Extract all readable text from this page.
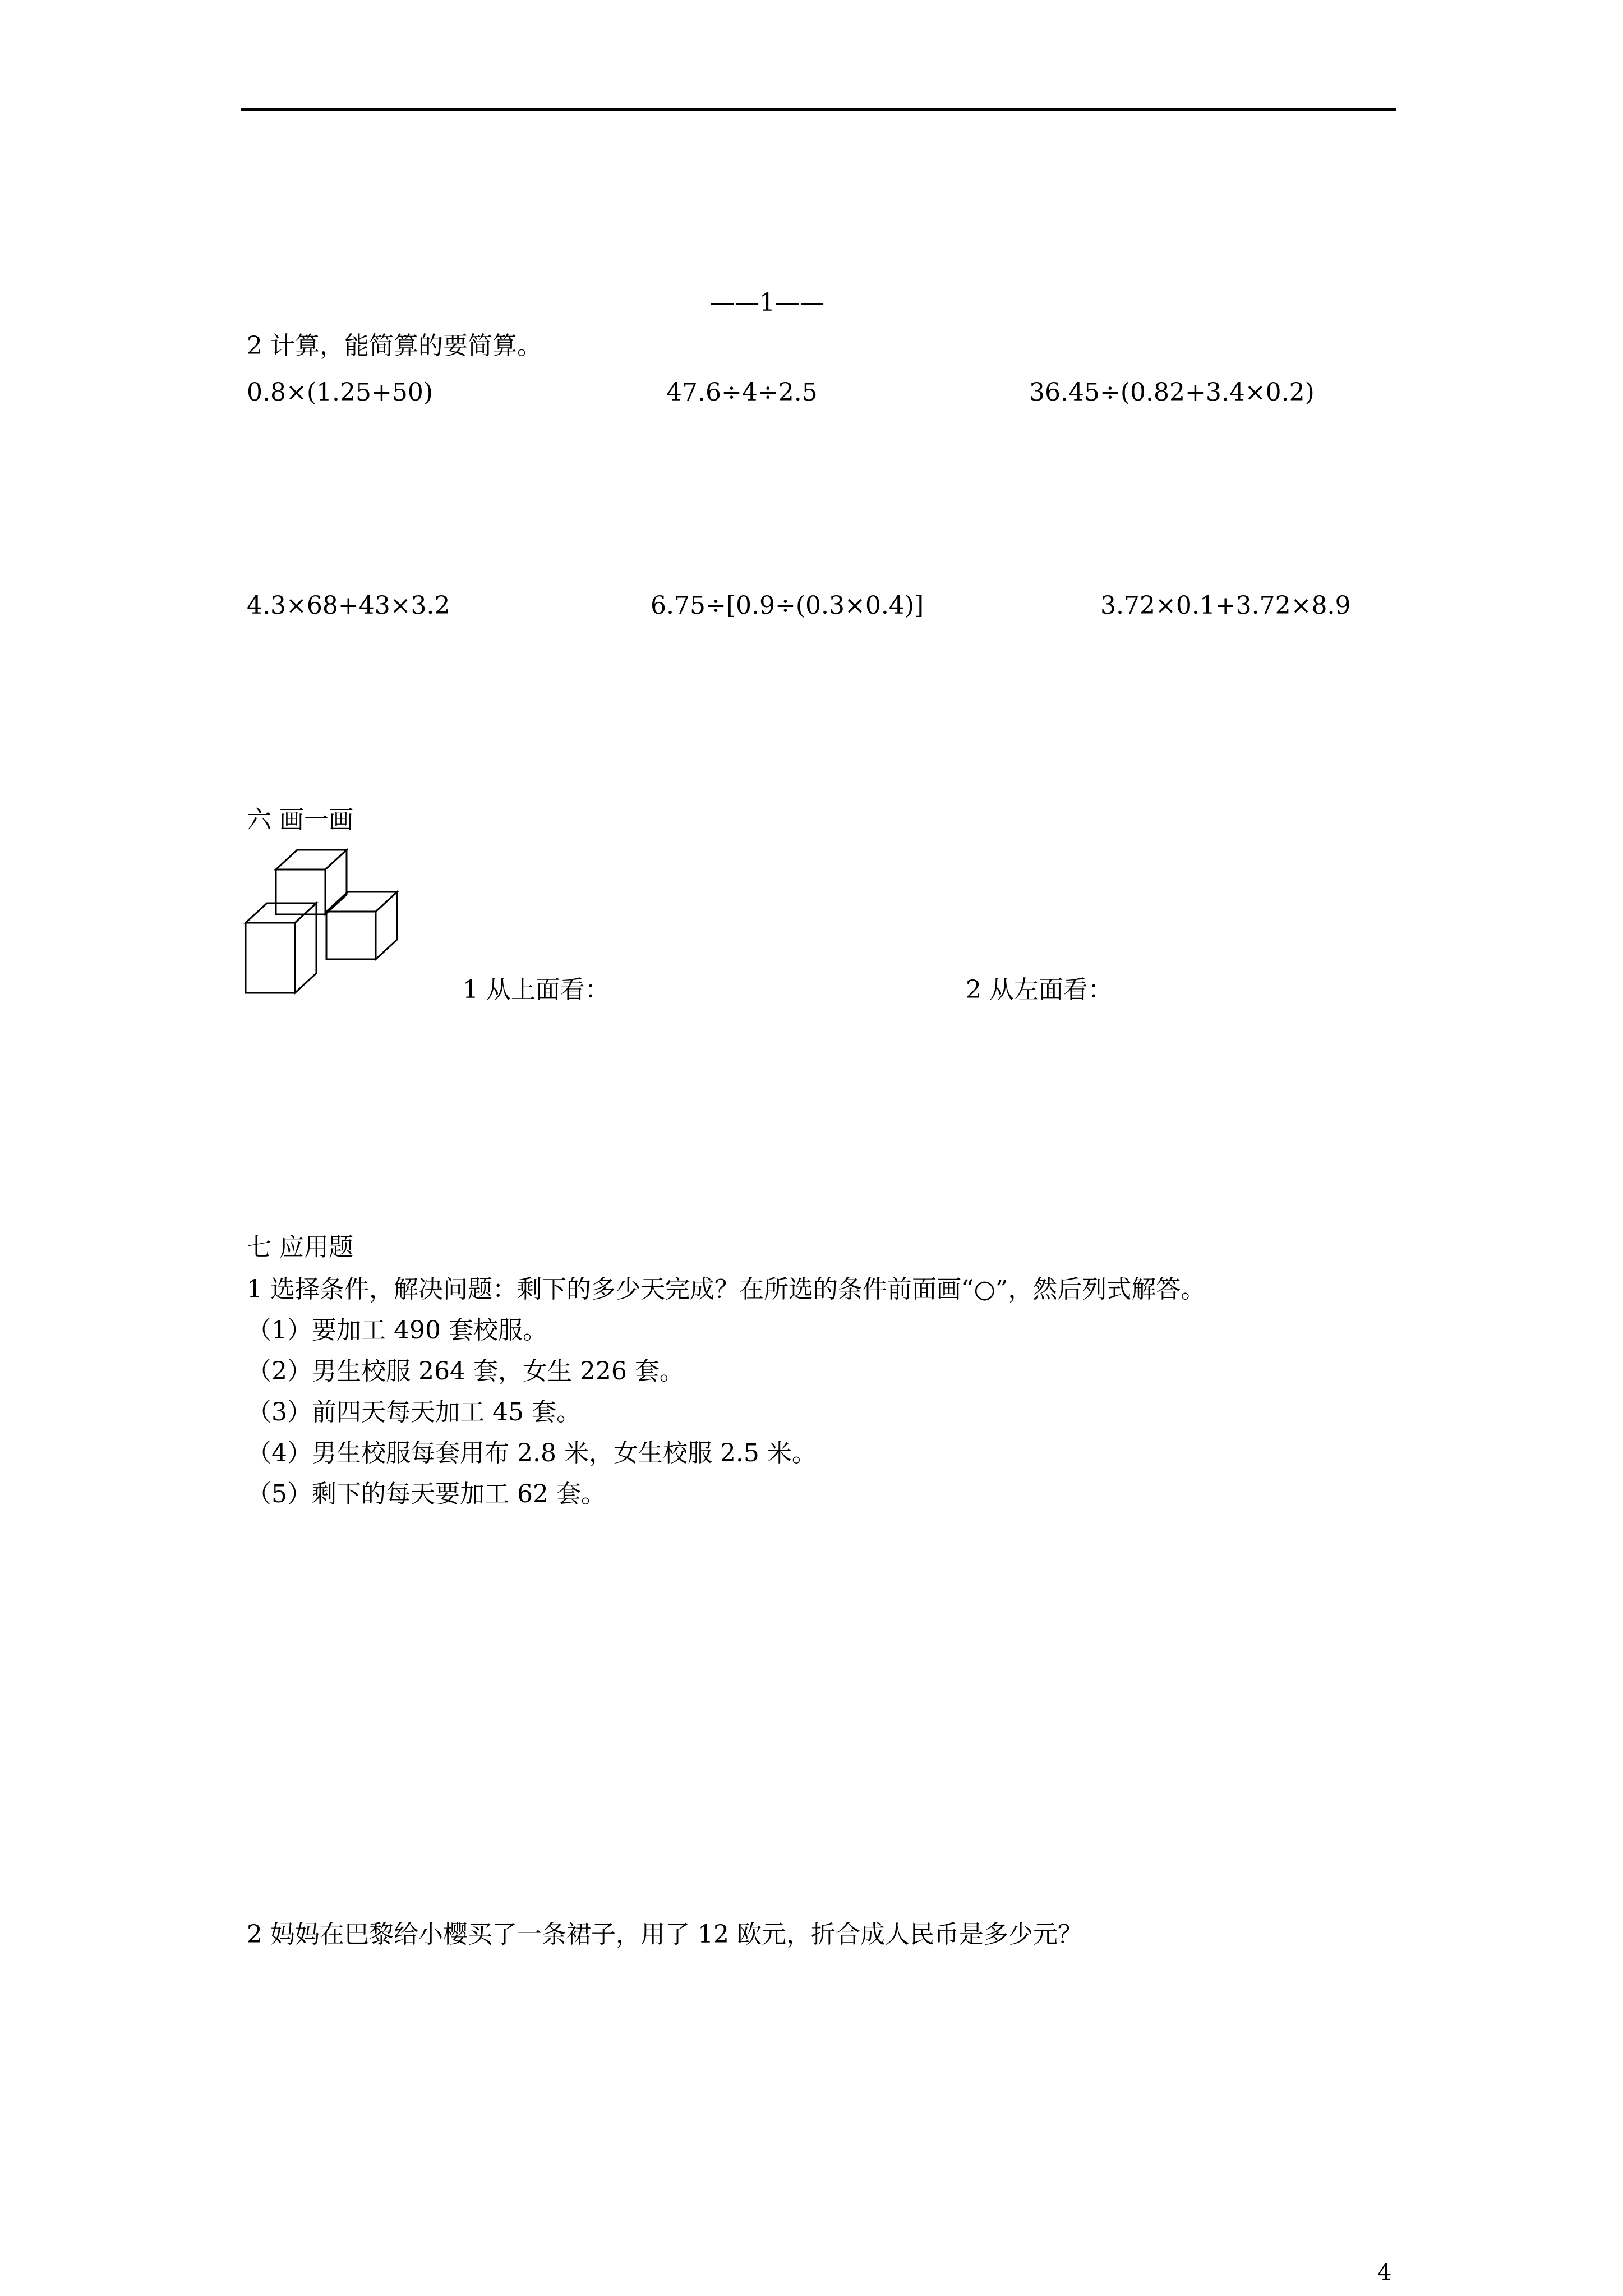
——1——
2 计算，能简算的要简算。
0.8×(1.25+50)	47.6÷4÷2.5	36.45÷(0.82+3.4×0.2)
4.3×68+43×3.2	6.75÷[0.9÷(0.3×0.4)]	3.72×0.1+3.72×8.9
六 画一画
1 从上面看：	2 从左面看：
七 应用题
1 选择条件，解决问题：剩下的多少天完成？在所选的条件前面画“○”，然后列式解答。
（1）要加工 490 套校服。
（2）男生校服 264 套，女生 226 套。
（3）前四天每天加工 45 套。
（4）男生校服每套用布 2.8 米，女生校服 2.5 米。
（5）剩下的每天要加工 62 套。
2 妈妈在巴黎给小樱买了一条裙子，用了 12 欧元，折合成人民币是多少元？
4
